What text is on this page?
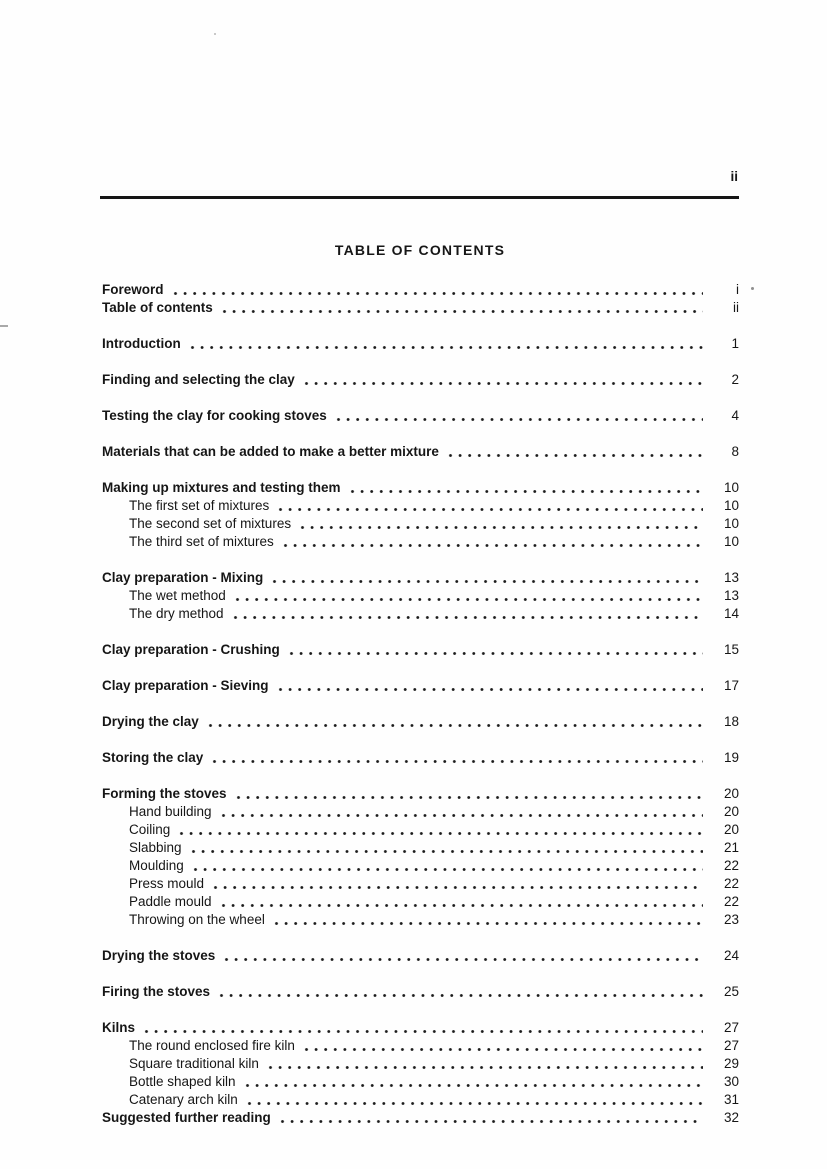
ii
TABLE OF CONTENTS
Foreword	i
Table of contents	ii
Introduction	1
Finding and selecting the clay	2
Testing the clay for cooking stoves	4
Materials that can be added to make a better mixture	8
Making up mixtures and testing them	10
The first set of mixtures	10
The second set of mixtures	10
The third set of mixtures	10
Clay preparation - Mixing	13
The wet method	13
The dry method	14
Clay preparation - Crushing	15
Clay preparation - Sieving	17
Drying the clay	18
Storing the clay	19
Forming the stoves	20
Hand building	20
Coiling	20
Slabbing	21
Moulding	22
Press mould	22
Paddle mould	22
Throwing on the wheel	23
Drying the stoves	24
Firing the stoves	25
Kilns	27
The round enclosed fire kiln	27
Square traditional kiln	29
Bottle shaped kiln	30
Catenary arch kiln	31
Suggested further reading	32
